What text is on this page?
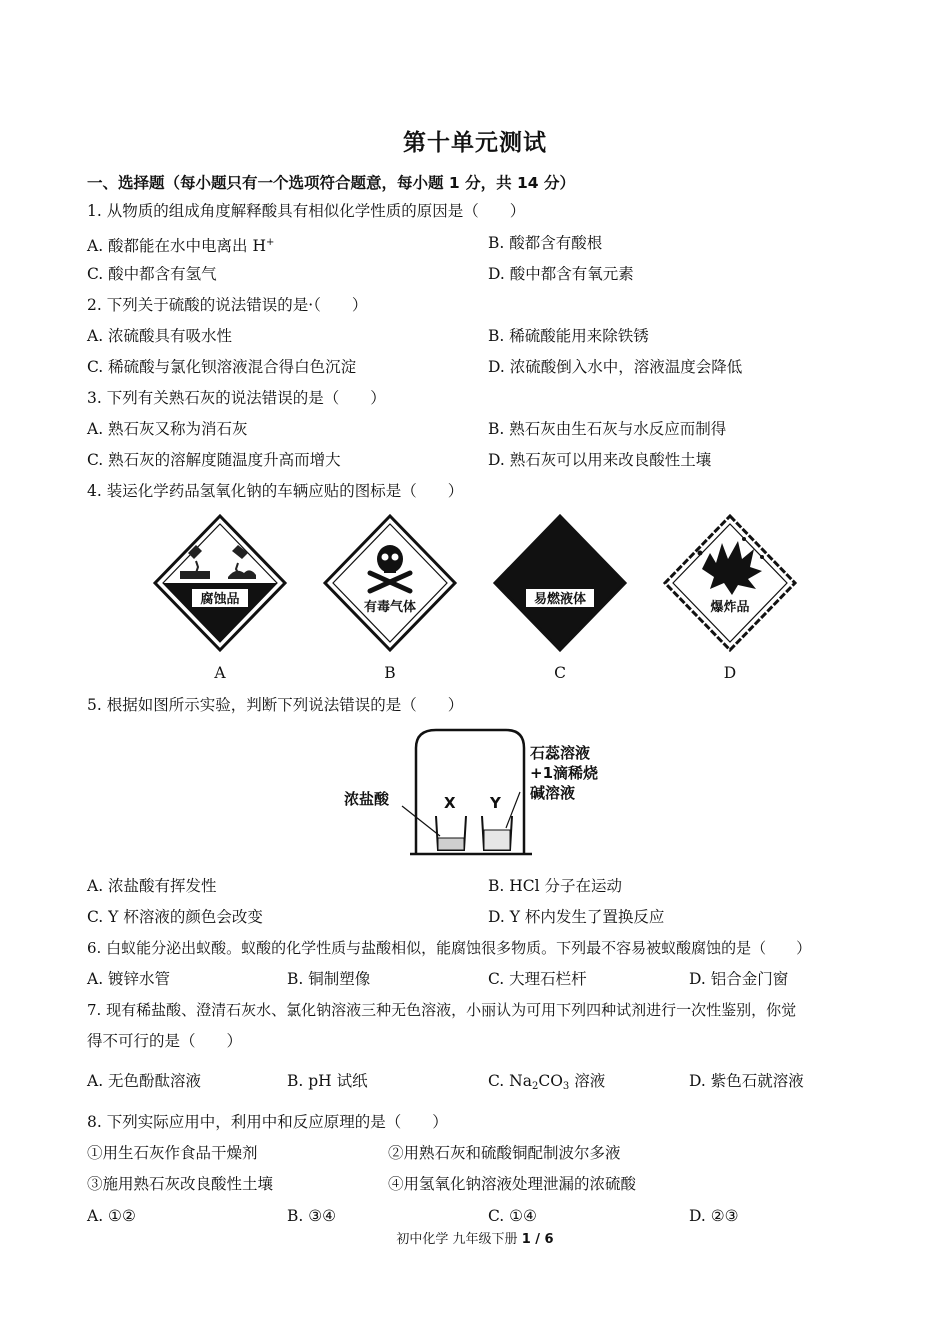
第十单元测试
一、选择题（每小题只有一个选项符合题意，每小题 1 分，共 14 分）
1. 从物质的组成角度解释酸具有相似化学性质的原因是（　　）
A. 酸都能在水中电离出 H+	B. 酸都含有酸根
C. 酸中都含有氢气	D. 酸中都含有氧元素
2. 下列关于硫酸的说法错误的是·（　　）
A. 浓硫酸具有吸水性	B. 稀硫酸能用来除铁锈
C. 稀硫酸与氯化钡溶液混合得白色沉淀	D. 浓硫酸倒入水中，溶液温度会降低
3. 下列有关熟石灰的说法错误的是（　　）
A. 熟石灰又称为消石灰	B. 熟石灰由生石灰与水反应而制得
C. 熟石灰的溶解度随温度升高而增大	D. 熟石灰可以用来改良酸性土壤
4. 装运化学药品氢氧化钠的车辆应贴的图标是（　　）
腐蚀品
有毒气体
易燃液体
爆炸品
A	B	C	D
5. 根据如图所示实验，判断下列说法错误的是（　　）
浓盐酸	X Y
石蕊溶液
+1滴稀烧
碱溶液
A. 浓盐酸有挥发性	B. HCl 分子在运动
C. Y 杯溶液的颜色会改变	D. Y 杯内发生了置换反应
6. 白蚁能分泌出蚁酸。蚁酸的化学性质与盐酸相似，能腐蚀很多物质。下列最不容易被蚁酸腐蚀的是（　　）
A. 镀锌水管	B. 铜制塑像	C. 大理石栏杆	D. 铝合金门窗
7. 现有稀盐酸、澄清石灰水、氯化钠溶液三种无色溶液，小丽认为可用下列四种试剂进行一次性鉴别，你觉
得不可行的是（　　）
A. 无色酚酞溶液	B. pH 试纸	C. $Na_2CO_3$ 溶液	D. 紫色石就溶液
8. 下列实际应用中，利用中和反应原理的是（　　）
①用生石灰作食品干燥剂	②用熟石灰和硫酸铜配制波尔多液
③施用熟石灰改良酸性土壤	④用氢氧化钠溶液处理泄漏的浓硫酸
A. ①②	B. ③④	C. ①④	D. ②③
初中化学 九年级下册 1 / 6
